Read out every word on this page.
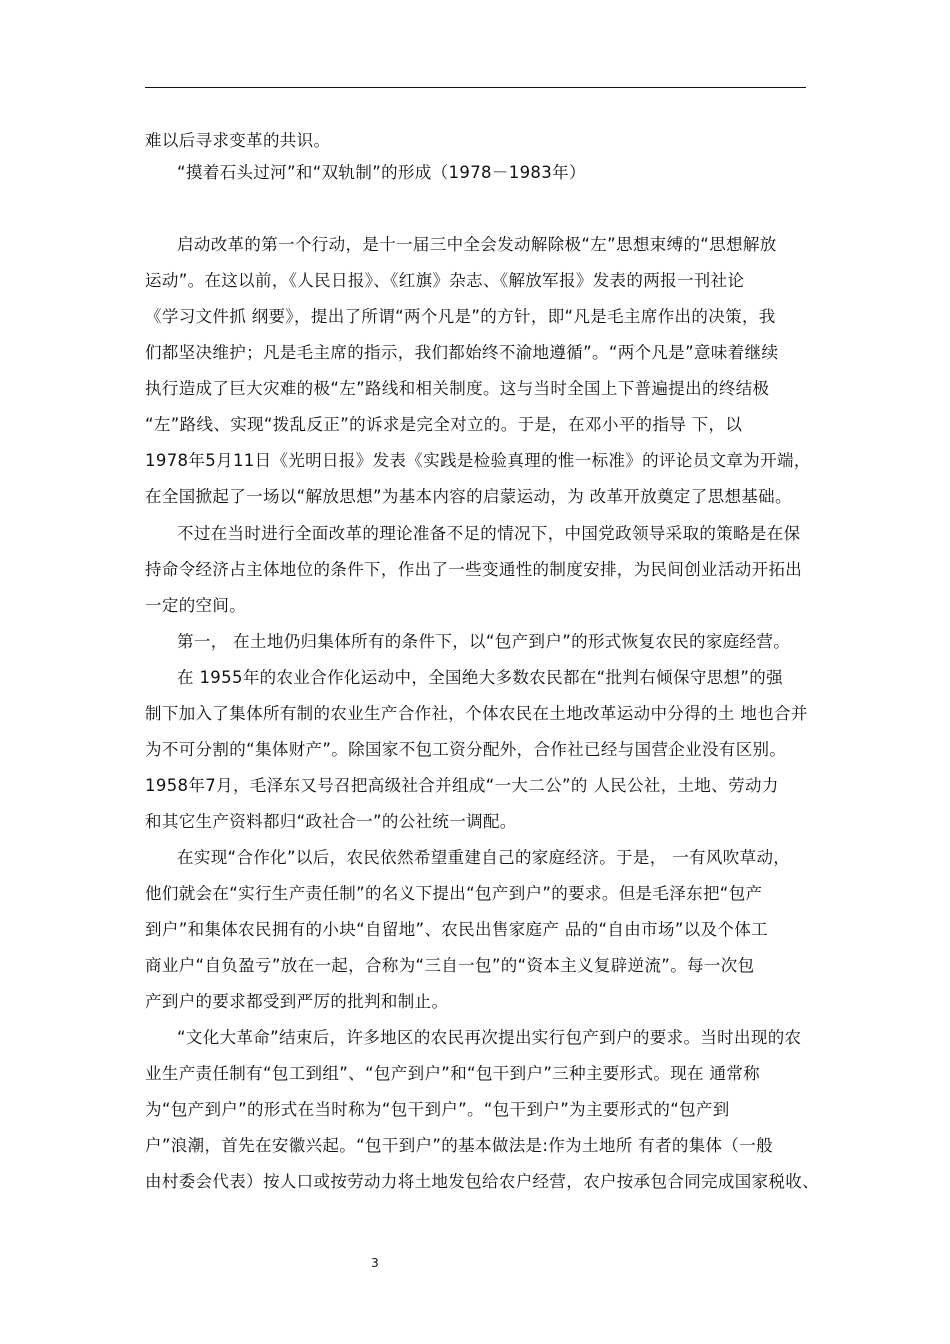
难以后寻求变革的共识。
“摸着石头过河”和“双轨制”的形成（1978－1983年）
启动改革的第一个行动，是十一届三中全会发动解除极“左”思想束缚的“思想解放
运动”。在这以前，《人民日报》、《红旗》杂志、《解放军报》发表的两报一刊社论
《学习文件抓 纲要》，提出了所谓“两个凡是”的方针，即“凡是毛主席作出的决策，我
们都坚决维护；凡是毛主席的指示，我们都始终不渝地遵循”。“两个凡是”意味着继续
执行造成了巨大灾难的极“左”路线和相关制度。这与当时全国上下普遍提出的终结极
“左”路线、实现“拨乱反正”的诉求是完全对立的。于是，在邓小平的指导 下，以
1978年5月11日《光明日报》发表《实践是检验真理的惟一标准》的评论员文章为开端，
在全国掀起了一场以“解放思想”为基本内容的启蒙运动，为 改革开放奠定了思想基础。
不过在当时进行全面改革的理论准备不足的情况下，中国党政领导采取的策略是在保
持命令经济占主体地位的条件下，作出了一些变通性的制度安排，为民间创业活动开拓出
一定的空间。
第一， 在土地仍归集体所有的条件下，以“包产到户”的形式恢复农民的家庭经营。
在 1955年的农业合作化运动中，全国绝大多数农民都在“批判右倾保守思想”的强
制下加入了集体所有制的农业生产合作社，个体农民在土地改革运动中分得的土 地也合并
为不可分割的“集体财产”。除国家不包工资分配外，合作社已经与国营企业没有区别。
1958年7月，毛泽东又号召把高级社合并组成“一大二公”的 人民公社，土地、劳动力
和其它生产资料都归“政社合一”的公社统一调配。
在实现“合作化”以后，农民依然希望重建自己的家庭经济。于是， 一有风吹草动，
他们就会在“实行生产责任制”的名义下提出“包产到户”的要求。但是毛泽东把“包产
到户”和集体农民拥有的小块“自留地”、农民出售家庭产 品的“自由市场”以及个体工
商业户“自负盈亏”放在一起，合称为“三自一包”的“资本主义复辟逆流”。每一次包
产到户的要求都受到严厉的批判和制止。
“文化大革命”结束后，许多地区的农民再次提出实行包产到户的要求。当时出现的农
业生产责任制有“包工到组”、“包产到户”和“包干到户”三种主要形式。现在 通常称
为“包产到户”的形式在当时称为“包干到户”。“包干到户”为主要形式的“包产到
户”浪潮，首先在安徽兴起。“包干到户”的基本做法是:作为土地所 有者的集体（一般
由村委会代表）按人口或按劳动力将土地发包给农户经营，农户按承包合同完成国家税收、
3
